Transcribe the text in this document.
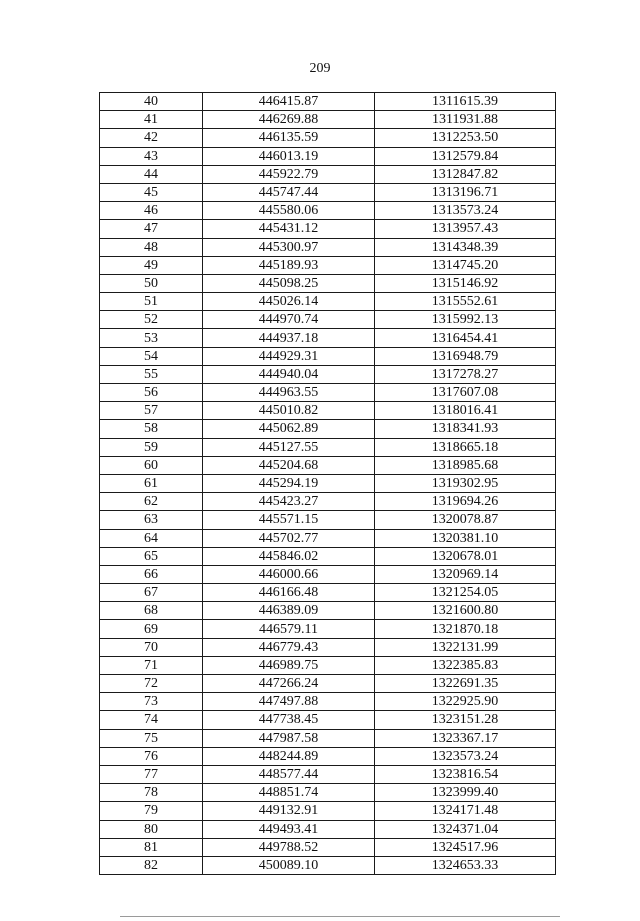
209
40	446415.87	1311615.39
41	446269.88	1311931.88
42	446135.59	1312253.50
43	446013.19	1312579.84
44	445922.79	1312847.82
45	445747.44	1313196.71
46	445580.06	1313573.24
47	445431.12	1313957.43
48	445300.97	1314348.39
49	445189.93	1314745.20
50	445098.25	1315146.92
51	445026.14	1315552.61
52	444970.74	1315992.13
53	444937.18	1316454.41
54	444929.31	1316948.79
55	444940.04	1317278.27
56	444963.55	1317607.08
57	445010.82	1318016.41
58	445062.89	1318341.93
59	445127.55	1318665.18
60	445204.68	1318985.68
61	445294.19	1319302.95
62	445423.27	1319694.26
63	445571.15	1320078.87
64	445702.77	1320381.10
65	445846.02	1320678.01
66	446000.66	1320969.14
67	446166.48	1321254.05
68	446389.09	1321600.80
69	446579.11	1321870.18
70	446779.43	1322131.99
71	446989.75	1322385.83
72	447266.24	1322691.35
73	447497.88	1322925.90
74	447738.45	1323151.28
75	447987.58	1323367.17
76	448244.89	1323573.24
77	448577.44	1323816.54
78	448851.74	1323999.40
79	449132.91	1324171.48
80	449493.41	1324371.04
81	449788.52	1324517.96
82	450089.10	1324653.33
